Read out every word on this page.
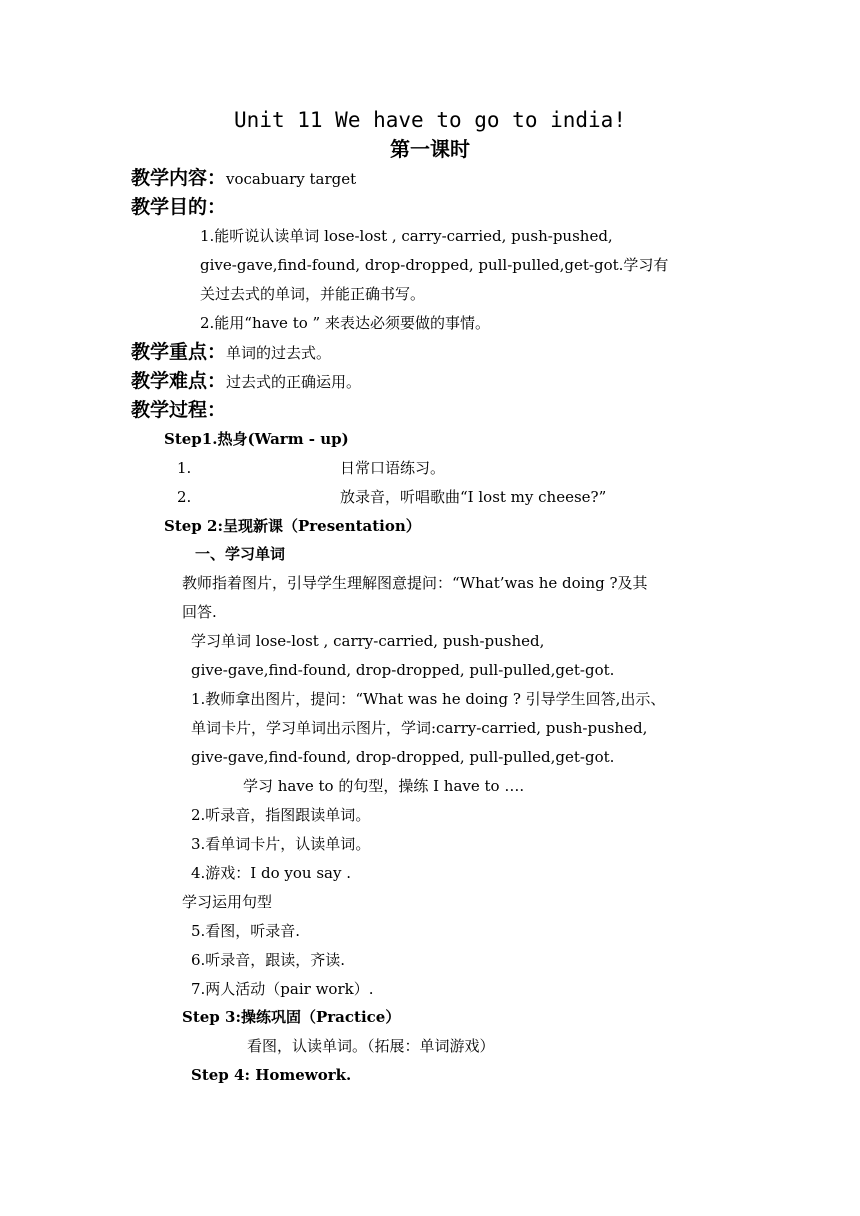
Unit 11 We have to go to india!
第一课时
教学内容：vocabuary target
教学目的：
1.能听说认读单词 lose-lost , carry-carried, push-pushed,
give-gave,find-found, drop-dropped, pull-pulled,get-got.学习有
关过去式的单词，并能正确书写。
2.能用“have to ” 来表达必须要做的事情。
教学重点：单词的过去式。
教学难点：过去式的正确运用。
教学过程：
Step1.热身(Warm - up)
1.	日常口语练习。
2.	放录音，听唱歌曲“I lost my cheese?”
Step 2:呈现新课（Presentation）
一、学习单词
教师指着图片，引导学生理解图意提问：“What’was he doing ?及其
回答.
学习单词 lose-lost , carry-carried, push-pushed,
give-gave,find-found, drop-dropped, pull-pulled,get-got.
1.教师拿出图片，提问：“What was he doing ? 引导学生回答,出示、
单词卡片，学习单词出示图片，学词:carry-carried, push-pushed,
give-gave,find-found, drop-dropped, pull-pulled,get-got.
学习 have to 的句型，操练 I have to ….
2.听录音，指图跟读单词。
3.看单词卡片，认读单词。
4.游戏：I do you say .
学习运用句型
5.看图，听录音.
6.听录音，跟读，齐读.
7.两人活动（pair work）.
Step 3:操练巩固（Practice）
看图，认读单词。（拓展：单词游戏）
Step 4: Homework.
